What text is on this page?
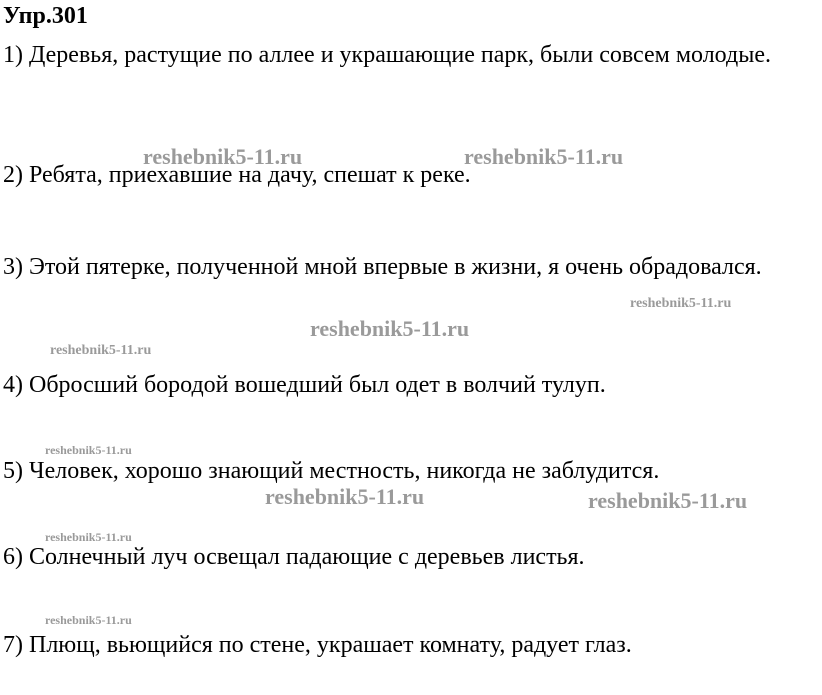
Упр.301
1) Деревья, растущие по аллее и украшающие парк, были совсем молодые.
2) Ребята, приехавшие на дачу, спешат к реке.
3) Этой пятерке, полученной мной впервые в жизни, я очень обрадовался.
4) Обросший бородой вошедший был одет в волчий тулуп.
5) Человек, хорошо знающий местность, никогда не заблудится.
6) Солнечный луч освещал падающие с деревьев листья.
7) Плющ, вьющийся по стене, украшает комнату, радует глаз.
reshebnik5-11.ru	reshebnik5-11.ru
reshebnik5-11.ru
reshebnik5-11.ru
reshebnik5-11.ru
reshebnik5-11.ru
reshebnik5-11.ru	reshebnik5-11.ru
reshebnik5-11.ru
reshebnik5-11.ru
